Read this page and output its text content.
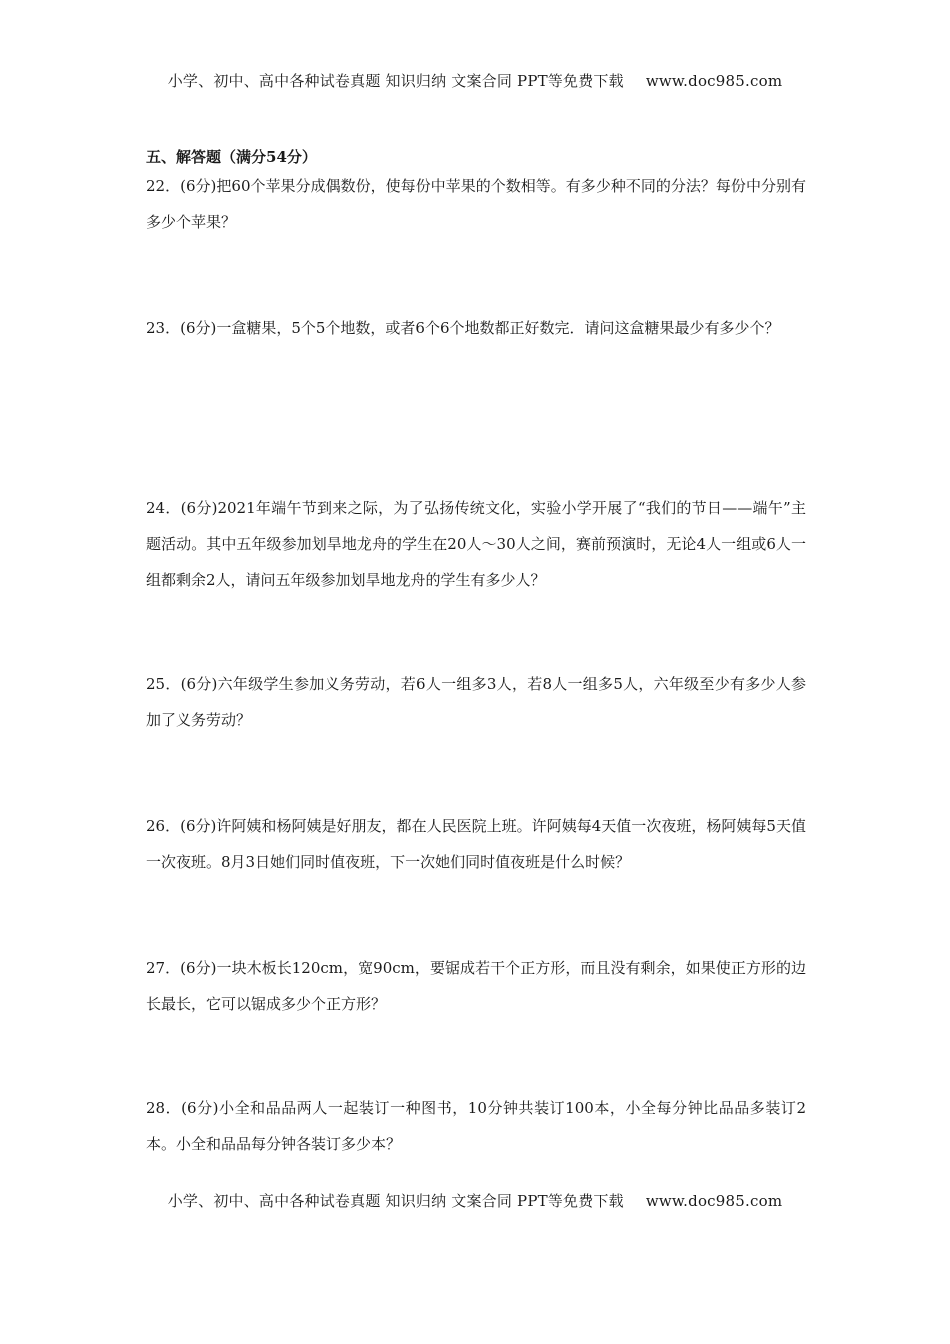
小学、初中、高中各种试卷真题 知识归纳 文案合同 PPT等免费下载 www.doc985.com
五、解答题（满分54分）
22．(6分)把60个苹果分成偶数份，使每份中苹果的个数相等。有多少种不同的分法？每份中分别有多少个苹果？
23．(6分)一盒糖果，5个5个地数，或者6个6个地数都正好数完．请问这盒糖果最少有多少个？
24．(6分)2021年端午节到来之际，为了弘扬传统文化，实验小学开展了“我们的节日——端午”主题活动。其中五年级参加划旱地龙舟的学生在20人～30人之间，赛前预演时，无论4人一组或6人一组都剩余2人，请问五年级参加划旱地龙舟的学生有多少人？
25．(6分)六年级学生参加义务劳动，若6人一组多3人，若8人一组多5人，六年级至少有多少人参加了义务劳动？
26．(6分)许阿姨和杨阿姨是好朋友，都在人民医院上班。许阿姨每4天值一次夜班，杨阿姨每5天值一次夜班。8月3日她们同时值夜班，下一次她们同时值夜班是什么时候？
27．(6分)一块木板长120cm，宽90cm，要锯成若干个正方形，而且没有剩余，如果使正方形的边长最长，它可以锯成多少个正方形？
28．(6分)小全和品品两人一起装订一种图书，10分钟共装订100本，小全每分钟比品品多装订2本。小全和品品每分钟各装订多少本？
小学、初中、高中各种试卷真题 知识归纳 文案合同 PPT等免费下载 www.doc985.com
